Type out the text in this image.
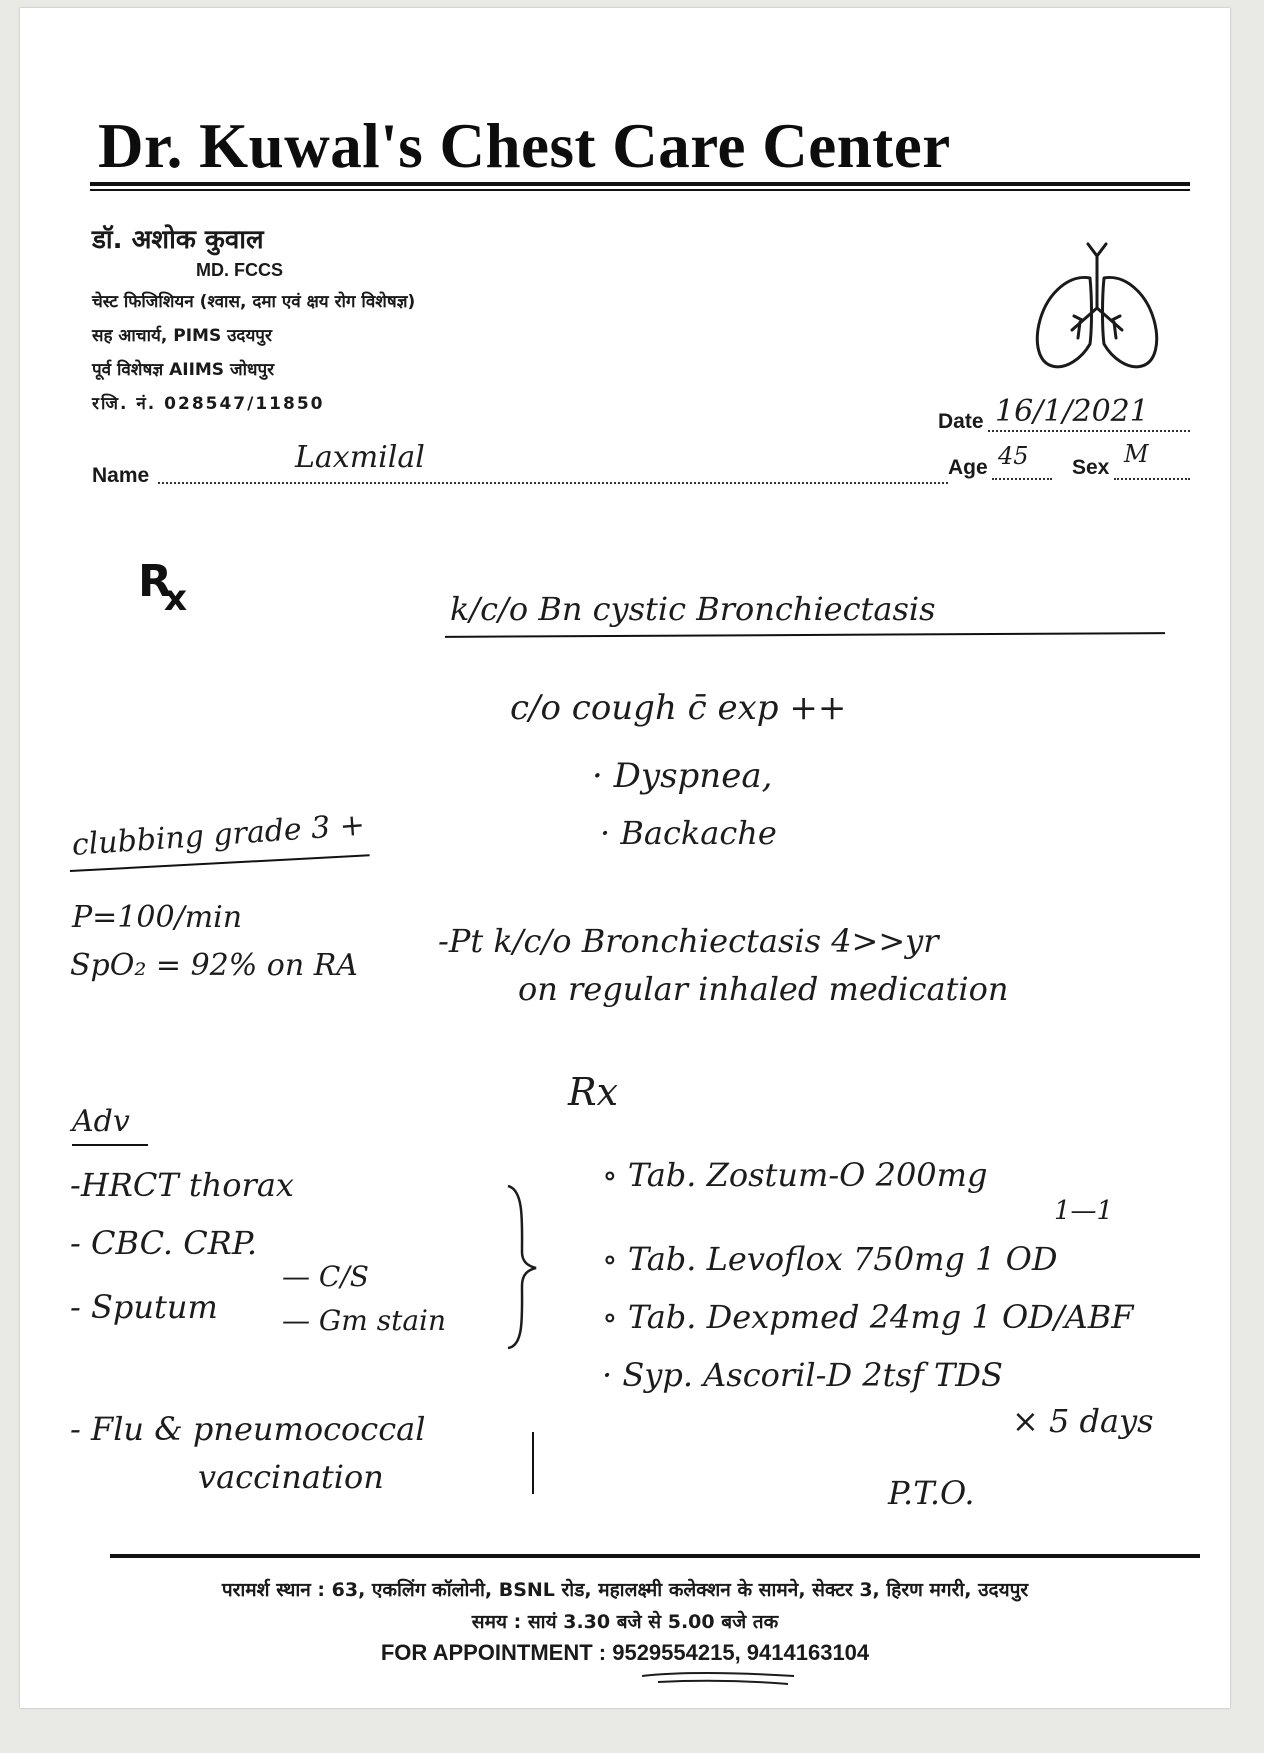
Dr. Kuwal's Chest Care Center
डॉ. अशोक कुवाल
MD. FCCS
चेस्ट फिजिशियन (श्वास, दमा एवं क्षय रोग विशेषज्ञ)
सह आचार्य, PIMS उदयपुर
पूर्व विशेषज्ञ AIIMS जोधपुर
रजि. नं. 028547/11850
Date 16/1/2021
Name
Laxmilal	Age 45 Sex M
$R_x$	k/c/o Bn cystic Bronchiectasis
c/o cough c̄ exp ++
· Dyspnea,
· Backache
clubbing grade 3 +
P=100/min
SpO₂ = 92% on RA
-Pt k/c/o Bronchiectasis 4>>yr
on regular inhaled medication
Rx
Adv
-HRCT thorax
- CBC. CRP.
- Sputum
— C/S
— Gm stain
- Flu & pneumococcal
vaccination
∘ Tab. Zostum-O 200mg
1—1
∘ Tab. Levoflox 750mg 1 OD
∘ Tab. Dexpmed 24mg 1 OD/ABF
· Syp. Ascoril-D 2tsf TDS
× 5 days
P.T.O.
परामर्श स्थान : 63, एकलिंग कॉलोनी, BSNL रोड, महालक्ष्मी कलेक्शन के सामने, सेक्टर 3, हिरण मगरी, उदयपुर
समय : सायं 3.30 बजे से 5.00 बजे तक
FOR APPOINTMENT : 9529554215, 9414163104
